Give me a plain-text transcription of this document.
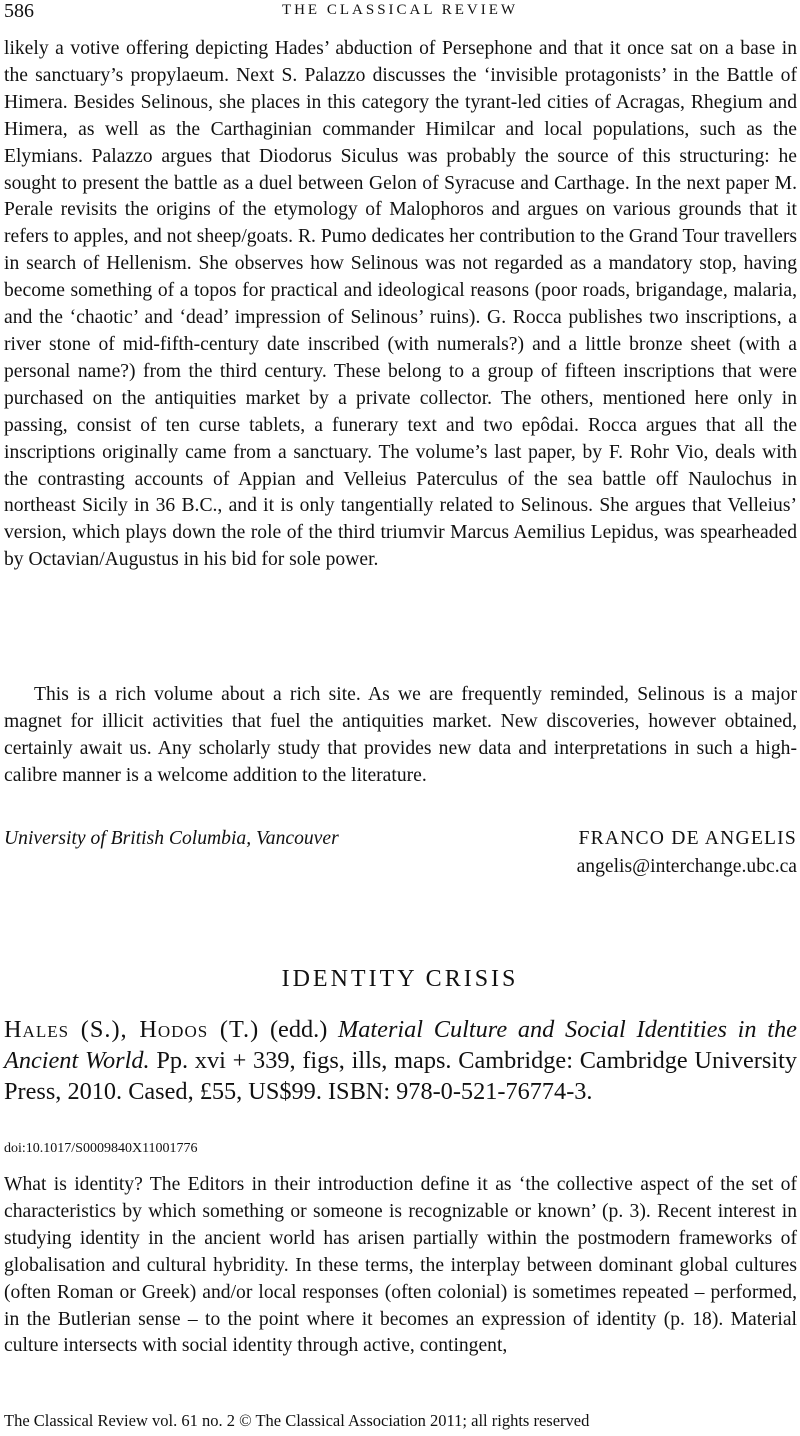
586	THE CLASSICAL REVIEW

likely a votive offering depicting Hades’ abduction of Persephone and that it once sat on a base in the sanctuary’s propylaeum. Next S. Palazzo discusses the ‘invisible protagonists’ in the Battle of Himera. Besides Selinous, she places in this category the tyrant-led cities of Acragas, Rhegium and Himera, as well as the Carthaginian commander Himilcar and local populations, such as the Elymians. Palazzo argues that Diodorus Siculus was probably the source of this structuring: he sought to present the battle as a duel between Gelon of Syracuse and Carthage. In the next paper M. Perale revisits the origins of the etymology of Malophoros and argues on various grounds that it refers to apples, and not sheep/goats. R. Pumo dedicates her contribution to the Grand Tour travellers in search of Hellenism. She observes how Selinous was not regarded as a mandatory stop, having become something of a topos for practical and ideological reasons (poor roads, brigandage, malaria, and the ‘chaotic’ and ‘dead’ impression of Selinous’ ruins). G. Rocca publishes two inscriptions, a river stone of mid-fifth-century date inscribed (with numerals?) and a little bronze sheet (with a personal name?) from the third century. These belong to a group of fifteen inscriptions that were purchased on the antiquities market by a private collector. The others, mentioned here only in passing, consist of ten curse tablets, a funerary text and two epôdai. Rocca argues that all the inscriptions originally came from a sanctuary. The volume’s last paper, by F. Rohr Vio, deals with the contrasting accounts of Appian and Velleius Paterculus of the sea battle off Naulochus in northeast Sicily in 36 B.C., and it is only tangentially related to Selinous. She argues that Velleius’ version, which plays down the role of the third triumvir Marcus Aemilius Lepidus, was spearheaded by Octavian/Augustus in his bid for sole power.

This is a rich volume about a rich site. As we are frequently reminded, Selinous is a major magnet for illicit activities that fuel the antiquities market. New discoveries, however obtained, certainly await us. Any scholarly study that provides new data and interpretations in such a high-calibre manner is a welcome addition to the literature.

University of British Columbia, Vancouver	FRANCO DE ANGELIS
angelis@interchange.ubc.ca
IDENTITY CRISIS
Hales (S.), Hodos (T.) (edd.) Material Culture and Social Identities in the Ancient World. Pp. xvi + 339, figs, ills, maps. Cambridge: Cambridge University Press, 2010. Cased, £55, US$99. ISBN: 978-0-521-76774-3.
doi:10.1017/S0009840X11001776

What is identity? The Editors in their introduction define it as ‘the collective aspect of the set of characteristics by which something or someone is recognizable or known’ (p. 3). Recent interest in studying identity in the ancient world has arisen partially within the postmodern frameworks of globalisation and cultural hybridity. In these terms, the interplay between dominant global cultures (often Roman or Greek) and/or local responses (often colonial) is sometimes repeated – performed, in the Butlerian sense – to the point where it becomes an expression of identity (p. 18). Material culture intersects with social identity through active, contingent,

The Classical Review vol. 61 no. 2 © The Classical Association 2011; all rights reserved
